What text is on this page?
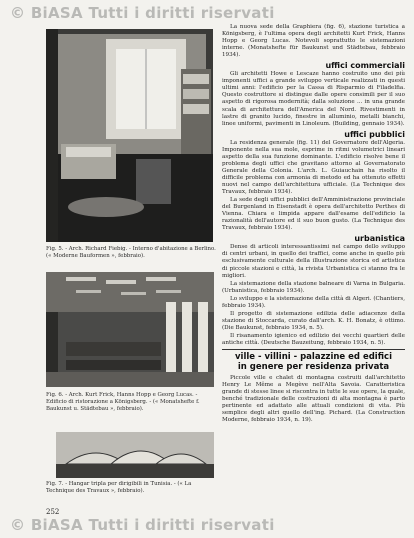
© BiASA Tutti i diritti riservati
© BiASA Tutti i diritti riservati
Fig. 5. - Arch. Richard Fiebig. - Interno d'abitazione a Berlino. (« Moderne Bauformen », febbraio).
Fig. 6. - Arch. Kurt Frick, Hanns Hopp e Georg Lucas. - Edificio di ristorazione a Königsberg. - (« Monatshefte f. Baukunst u. Städtebau », febbraio).
Fig. 7. - Hangar tripla per dirigibili in Tunisia. - (« La Technique des Travaux », febbraio).

La nuova sede della Graphiera (fig. 6), stazione turistica a Königsberg, è l'ultima opera degli architetti Kurt Frick, Hanns Hopp e Georg Lucas. Notevoli soprattutto le sistemazioni interne. (Monatshefte für Baukunst und Städtebau, febbraio 1934).

uffici commerciali

Gli architetti Howe e Lescaze hanno costruito uno dei più imponenti uffici a grande sviluppo verticale realizzati in questi ultimi anni: l'edificio per la Cassa di Risparmio di Filadelfia. Questo costruttore si distingue dalle opere consimili per il suo aspetto di rigorosa modernità; dalla soluzione ... in una grande scala di architettura dell'America del Nord. Rivestimenti in lastre di granito lucido, finestre in alluminio, metalli bianchi, linee uniformi, pavimenti in Linoleum. (Building, gennaio 1934).

uffici pubblici

La residenza generale (fig. 11) del Governatore dell'Algeria. Imponente nella sua mole, esprime in ritmi volumetrici lineari aspetto della sua funzione dominante. L'edificio risolve bene il problema degli uffici che gravitano attorno al Governatorato Generale della Colonia. L'arch. L. Guiauchain ha risolto il difficile problema con armonia di metodo ed ha ottenuto effetti nuovi nel campo dell'architettura ufficiale. (La Technique des Travaux, febbraio 1934).

La sede degli uffici pubblici dell'Amministrazione provinciale del Burgenland in Eisenstadt è opera dell'architetto Perthes di Vienna. Chiara e limpida appare dall'esame dell'edificio la razionalità dell'autore ed il suo buon gusto. (La Technique des Travaux, febbraio 1934).

urbanistica

Dense di articoli interessantissimi nel campo dello sviluppo di centri urbani, in quello dei traffici, come anche in quello più esclusivamente culturale della illustrazione storica ed artistica di piccole stazioni e città, la rivista Urbanistica ci stanno fra le migliori.

La sistemazione della stazione balneare di Varna in Bulgaria. (Urbanistica, febbraio 1934).

Lo sviluppo e la sistemazione della città di Algeri. (Chantiers, febbraio 1934).

Il progetto di sistemazione edilizia delle adiacenze della stazione di Stoccarda, curato dall'arch. K. H. Bonatz, è ottimo. (Die Baukunst, febbraio 1934, n. 5).

Il risanamento igienico ed edilizio dei vecchi quartieri delle antiche città. (Deutsche Bauzeitung, febbraio 1934, n. 5).

ville - villini - palazzine ed edifici
in genere per residenza privata

Piccole ville e chalet di montagna costruiti dall'architetto Henry Le Même a Megève nell'Alta Savoia. Caratteristica grande di stesse linee si riscontra in tutte le sue opere, la quale, benché tradizionale delle costruzioni di alta montagna è parto pertinente ed adattato alle attuali condizioni di vita. Più semplice degli altri quello dell'ing. Pichard. (La Construction Moderne, febbraio 1934, n. 19).

252
